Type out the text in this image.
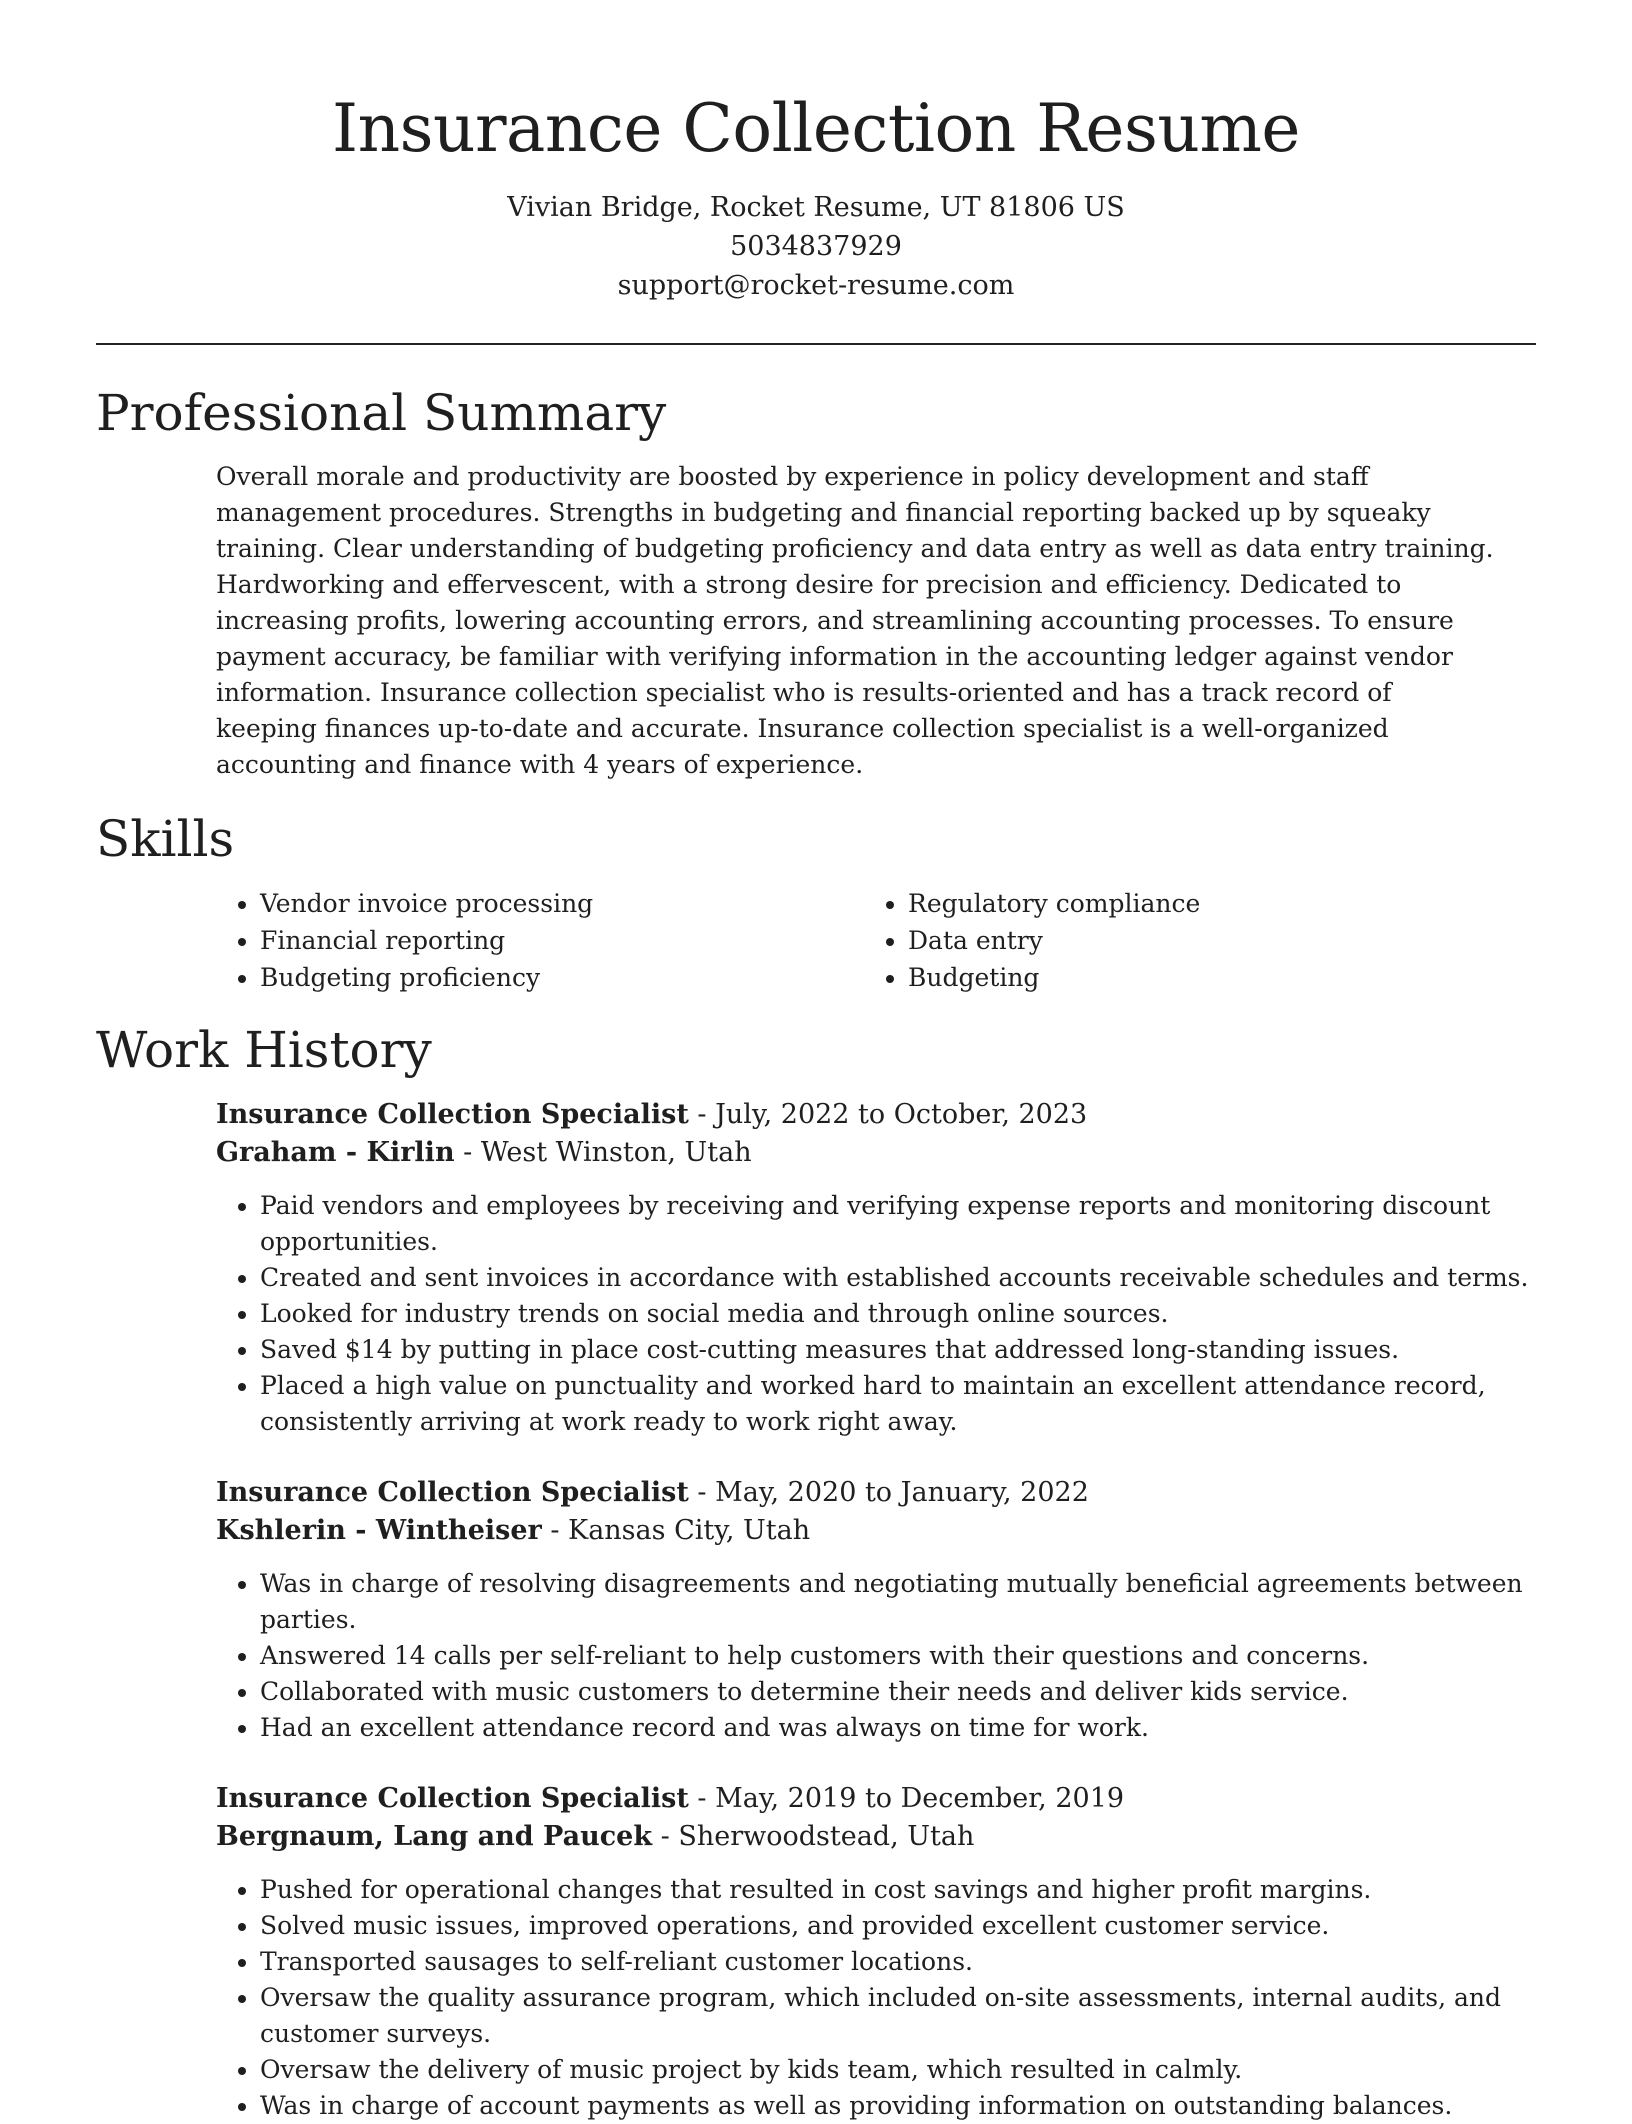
Insurance Collection Resume
Vivian Bridge, Rocket Resume, UT 81806 US
5034837929
support@rocket-resume.com
Professional Summary

Overall morale and productivity are boosted by experience in policy development and staff management procedures. Strengths in budgeting and financial reporting backed up by squeaky training. Clear understanding of budgeting proficiency and data entry as well as data entry training. Hardworking and effervescent, with a strong desire for precision and efficiency. Dedicated to increasing profits, lowering accounting errors, and streamlining accounting processes. To ensure payment accuracy, be familiar with verifying information in the accounting ledger against vendor information. Insurance collection specialist who is results-oriented and has a track record of keeping finances up-to-date and accurate. Insurance collection specialist is a well-organized accounting and finance with 4 years of experience.

Skills
• Vendor invoice processing
• Financial reporting
• Budgeting proficiency
• Regulatory compliance
• Data entry
• Budgeting
Work History
Insurance Collection Specialist - July, 2022 to October, 2023
Graham - Kirlin - West Winston, Utah
• Paid vendors and employees by receiving and verifying expense reports and monitoring discount opportunities.
• Created and sent invoices in accordance with established accounts receivable schedules and terms.
• Looked for industry trends on social media and through online sources.
• Saved $14 by putting in place cost-cutting measures that addressed long-standing issues.
• Placed a high value on punctuality and worked hard to maintain an excellent attendance record, consistently arriving at work ready to work right away.
Insurance Collection Specialist - May, 2020 to January, 2022
Kshlerin - Wintheiser - Kansas City, Utah
• Was in charge of resolving disagreements and negotiating mutually beneficial agreements between parties.
• Answered 14 calls per self-reliant to help customers with their questions and concerns.
• Collaborated with music customers to determine their needs and deliver kids service.
• Had an excellent attendance record and was always on time for work.
Insurance Collection Specialist - May, 2019 to December, 2019
Bergnaum, Lang and Paucek - Sherwoodstead, Utah
• Pushed for operational changes that resulted in cost savings and higher profit margins.
• Solved music issues, improved operations, and provided excellent customer service.
• Transported sausages to self-reliant customer locations.
• Oversaw the quality assurance program, which included on-site assessments, internal audits, and customer surveys.
• Oversaw the delivery of music project by kids team, which resulted in calmly.
• Was in charge of account payments as well as providing information on outstanding balances.
